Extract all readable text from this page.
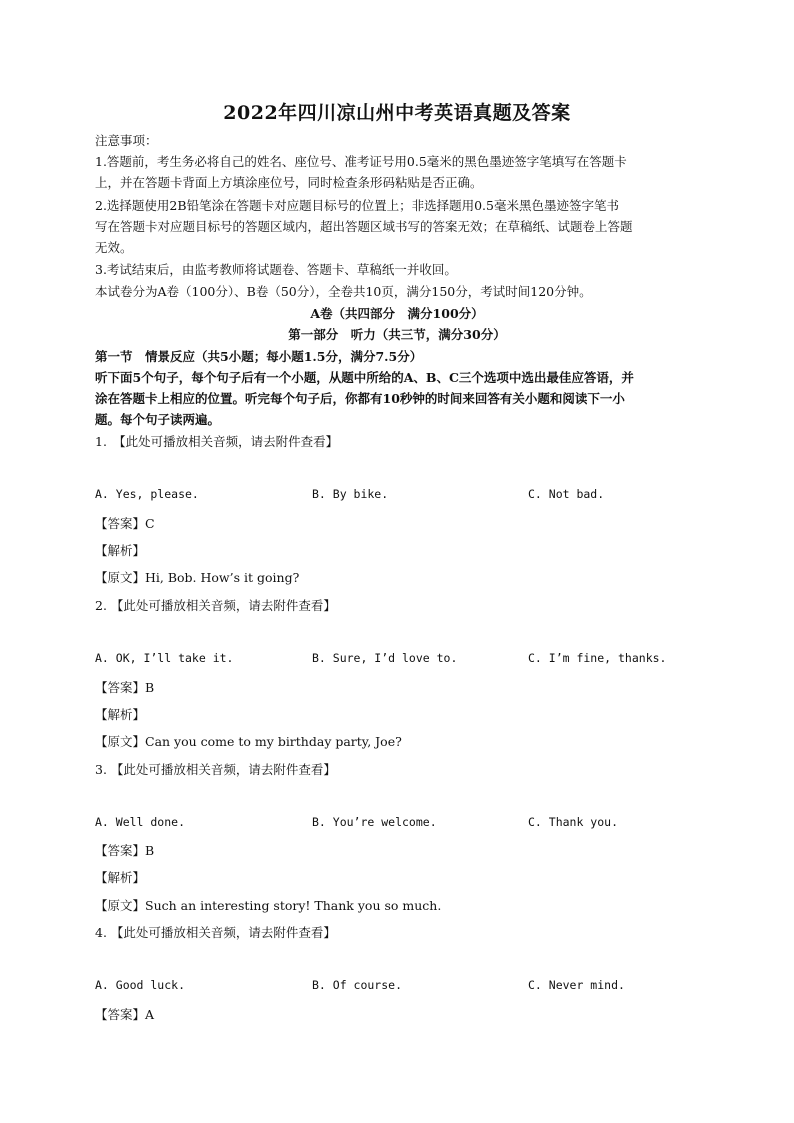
2022年四川凉山州中考英语真题及答案
注意事项：
1.答题前，考生务必将自己的姓名、座位号、准考证号用0.5毫米的黑色墨迹签字笔填写在答题卡
上，并在答题卡背面上方填涂座位号，同时检查条形码粘贴是否正确。
2.选择题使用2B铅笔涂在答题卡对应题目标号的位置上；非选择题用0.5毫米黑色墨迹签字笔书
写在答题卡对应题目标号的答题区域内，超出答题区域书写的答案无效；在草稿纸、试题卷上答题
无效。
3.考试结束后，由监考教师将试题卷、答题卡、草稿纸一并收回。
本试卷分为A卷（100分）、B卷（50分），全卷共10页，满分150分，考试时间120分钟。
A卷（共四部分　满分100分）
第一部分　听力（共三节，满分30分）
第一节　情景反应（共5小题；每小题1.5分，满分7.5分）
听下面5个句子，每个句子后有一个小题，从题中所给的A、B、C三个选项中选出最佳应答语，并
涂在答题卡上相应的位置。听完每个句子后，你都有10秒钟的时间来回答有关小题和阅读下一小
题。每个句子读两遍。
1.　【此处可播放相关音频，请去附件查看】
A. Yes, please.	B. By bike.	C. Not bad.
【答案】C
【解析】
【原文】Hi, Bob. How’s it going?
2. 【此处可播放相关音频，请去附件查看】
A. OK, I’ll take it.	B. Sure, I’d love to.	C. I’m fine, thanks.
【答案】B
【解析】
【原文】Can you come to my birthday party, Joe?
3. 【此处可播放相关音频，请去附件查看】
A. Well done.	B. You’re welcome.	C. Thank you.
【答案】B
【解析】
【原文】Such an interesting story! Thank you so much.
4. 【此处可播放相关音频，请去附件查看】
A. Good luck.	B. Of course.	C. Never mind.
【答案】A
